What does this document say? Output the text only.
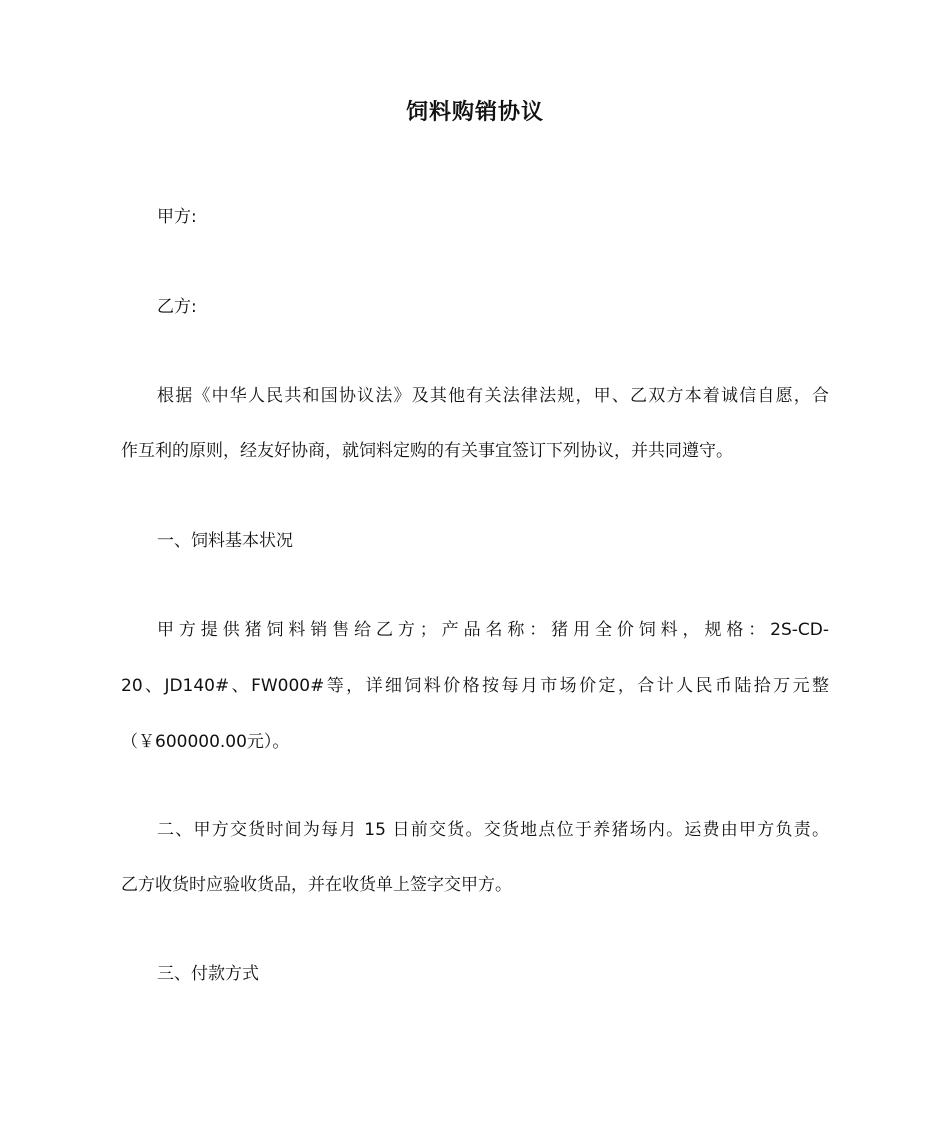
饲料购销协议
甲方:
乙方:
根据《中华人民共和国协议法》及其他有关法律法规，甲、乙双方本着诚信自愿，合
作互利的原则，经友好协商，就饲料定购的有关事宜签订下列协议，并共同遵守。
一、饲料基本状况
甲方提供猪饲料销售给乙方；产品名称：猪用全价饲料，规格：2S-CD-
20、JD140#、FW000#等，详细饲料价格按每月市场价定，合计人民币陆拾万元整
（￥600000.00元）。
二、甲方交货时间为每月 15 日前交货。交货地点位于养猪场内。运费由甲方负责。
乙方收货时应验收货品，并在收货单上签字交甲方。
三、付款方式
